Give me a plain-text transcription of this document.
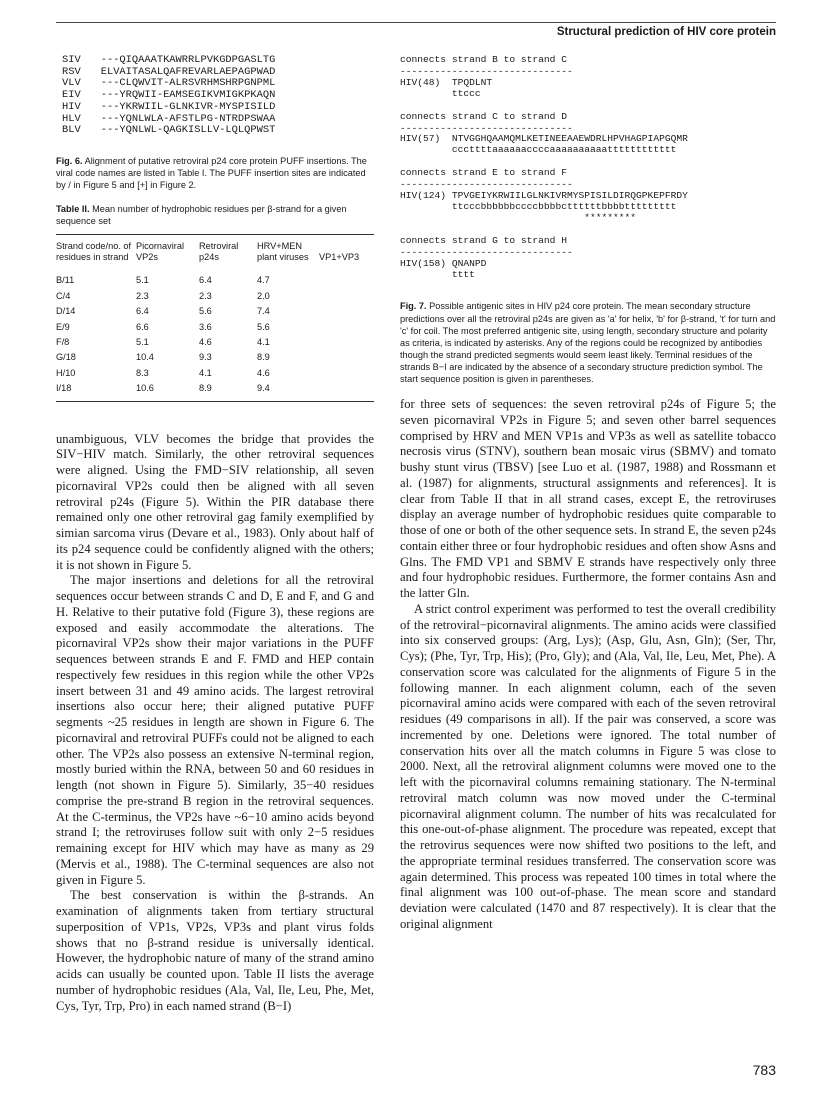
Structural prediction of HIV core protein
SIV	---QIQAAATKAWRRLPVKGDPGASLTG
RSV	ELVAITASALQAFREVARLAEPAGPWAD
VLV	---CLQWVIT-ALRSVRHMSHRPGNPML
EIV	---YRQWII-EAMSEGIKVMIGKPKAQN
HIV	---YKRWIIL-GLNKIVR-MYSPISILD
HLV	---YQNLWLA-AFSTLPG-NTRDPSWAA
BLV	---YQNLWL-QAGKISLLV-LQLQPWST

Fig. 6. Alignment of putative retroviral p24 core protein PUFF insertions. The viral code names are listed in Table I. The PUFF insertion sites are indicated by / in Figure 5 and [+] in Figure 2.

Table II. Mean number of hydrophobic residues per β-strand for a given sequence set

Strand code/no. of residues in strand	Picornaviral VP2s	Retroviral p24s	HRV+MEN plant viruses	VP1+VP3
B/11	5.1	6.4	4.7	
C/4	2.3	2.3	2.0	
D/14	6.4	5.6	7.4	
E/9	6.6	3.6	5.6	
F/8	5.1	4.6	4.1	
G/18	10.4	9.3	8.9	
H/10	8.3	4.1	4.6	
I/18	10.6	8.9	9.4	

unambiguous, VLV becomes the bridge that provides the SIV−HIV match. Similarly, the other retroviral sequences were aligned. Using the FMD−SIV relationship, all seven picornaviral VP2s could then be aligned with all seven retroviral p24s (Figure 5). Within the PIR database there remained only one other retroviral gag family exemplified by simian sarcoma virus (Devare et al., 1983). Only about half of its p24 sequence could be confidently aligned with the others; it is not shown in Figure 5.

The major insertions and deletions for all the retroviral sequences occur between strands C and D, E and F, and G and H. Relative to their putative fold (Figure 3), these regions are exposed and easily accommodate the alterations. The picornaviral VP2s show their major variations in the PUFF sequences between strands E and F. FMD and HEP contain respectively few residues in this region while the other VP2s insert between 31 and 49 amino acids. The largest retroviral insertions also occur here; their aligned putative PUFF segments ~25 residues in length are shown in Figure 6. The picornaviral and retroviral PUFFs could not be aligned to each other. The VP2s also possess an extensive N-terminal region, mostly buried within the RNA, between 50 and 60 residues in length (not shown in Figure 5). Similarly, 35−40 residues comprise the pre-strand B region in the retroviral sequences. At the C-terminus, the VP2s have ~6−10 amino acids beyond strand I; the retroviruses follow suit with only 2−5 residues remaining except for HIV which may have as many as 29 (Mervis et al., 1988). The C-terminal sequences are also not given in Figure 5.

The best conservation is within the β-strands. An examination of alignments taken from tertiary structural superposition of VP1s, VP2s, VP3s and plant virus folds shows that no β-strand residue is universally identical. However, the hydrophobic nature of many of the strand amino acids can usually be counted upon. Table II lists the average number of hydrophobic residues (Ala, Val, Ile, Leu, Phe, Met, Cys, Tyr, Trp, Pro) in each named strand (B−I)

connects strand B to strand C
------------------------------
HIV(48)  TPQDLNT
ttccc
connects strand C to strand D
------------------------------
HIV(57)  NTVGGHQAAMQMLKETINEEAAEWDRLHPVHAGPIAPGQMR
cccttttaaaaaaccccaaaaaaaaaatttttttttttt
connects strand E to strand F
------------------------------
HIV(124) TPVGEIYKRWIILGLNKIVRMYSPISILDIRQGPKEPFRDY
ttcccbbbbbbccccbbbbcttttttbbbbttttttttt
*********
connects strand G to strand H
------------------------------
HIV(158) QNANPD
tttt

Fig. 7. Possible antigenic sites in HIV p24 core protein. The mean secondary structure predictions over all the retroviral p24s are given as 'a' for helix, 'b' for β-strand, 't' for turn and 'c' for coil. The most preferred antigenic site, using length, secondary structure and polarity as criteria, is indicated by asterisks. Any of the regions could be recognized by antibodies though the strand predicted segments would seem least likely. Terminal residues of the strands B−I are indicated by the absence of a secondary structure prediction symbol. The start sequence position is given in parentheses.

for three sets of sequences: the seven retroviral p24s of Figure 5; the seven picornaviral VP2s in Figure 5; and seven other barrel sequences comprised by HRV and MEN VP1s and VP3s as well as satellite tobacco necrosis virus (STNV), southern bean mosaic virus (SBMV) and tomato bushy stunt virus (TBSV) [see Luo et al. (1987, 1988) and Rossmann et al. (1987) for alignments, structural assignments and references]. It is clear from Table II that in all strand cases, except E, the retroviruses display an average number of hydrophobic residues quite comparable to those of one or both of the other sequence sets. In strand E, the seven p24s contain either three or four hydrophobic residues and often show Asns and Glns. The FMD VP1 and SBMV E strands have respectively only three and four hydrophobic residues. Furthermore, the former contains Asn and the latter Gln.

A strict control experiment was performed to test the overall credibility of the retroviral−picornaviral alignments. The amino acids were classified into six conserved groups: (Arg, Lys); (Asp, Glu, Asn, Gln); (Ser, Thr, Cys); (Phe, Tyr, Trp, His); (Pro, Gly); and (Ala, Val, Ile, Leu, Met, Phe). A conservation score was calculated for the alignments of Figure 5 in the following manner. In each alignment column, each of the seven picornaviral amino acids were compared with each of the seven retroviral residues (49 comparisons in all). If the pair was conserved, a score was incremented by one. Deletions were ignored. The total number of conservation hits over all the match columns in Figure 5 was close to 2000. Next, all the retroviral alignment columns were moved one to the left with the picornaviral columns remaining stationary. The N-terminal retroviral match column was now moved under the C-terminal picornaviral alignment column. The number of hits was recalculated for this one-out-of-phase alignment. The procedure was repeated, except that the retrovirus sequences were now shifted two positions to the left, and the appropriate terminal residues transferred. The conservation score was again determined. This process was repeated 100 times in total where the final alignment was 100 out-of-phase. The mean score and standard deviation were calculated (1470 and 87 respectively). It is clear that the original alignment

783
